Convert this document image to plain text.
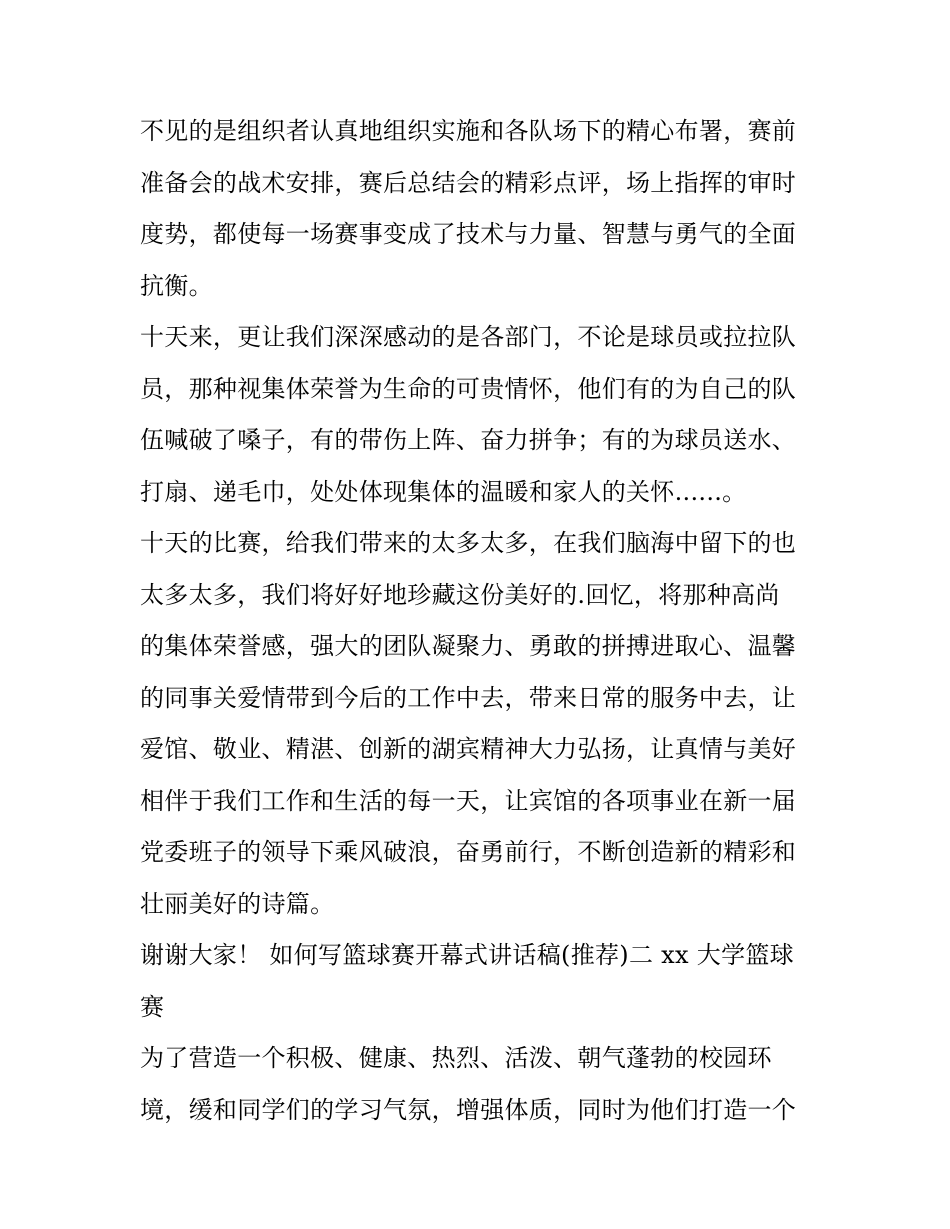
不见的是组织者认真地组织实施和各队场下的精心布署，赛前
准备会的战术安排，赛后总结会的精彩点评，场上指挥的审时
度势，都使每一场赛事变成了技术与力量、智慧与勇气的全面
抗衡。
十天来，更让我们深深感动的是各部门，不论是球员或拉拉队
员，那种视集体荣誉为生命的可贵情怀，他们有的为自己的队
伍喊破了嗓子，有的带伤上阵、奋力拼争；有的为球员送水、
打扇、递毛巾，处处体现集体的温暖和家人的关怀......。
十天的比赛，给我们带来的太多太多，在我们脑海中留下的也
太多太多，我们将好好地珍藏这份美好的.回忆，将那种高尚
的集体荣誉感，强大的团队凝聚力、勇敢的拼搏进取心、温馨
的同事关爱情带到今后的工作中去，带来日常的服务中去，让
爱馆、敬业、精湛、创新的湖宾精神大力弘扬，让真情与美好
相伴于我们工作和生活的每一天，让宾馆的各项事业在新一届
党委班子的领导下乘风破浪，奋勇前行，不断创造新的精彩和
壮丽美好的诗篇。
谢谢大家！ 如何写篮球赛开幕式讲话稿(推荐)二 xx 大学篮球
赛
为了营造一个积极、健康、热烈、活泼、朝气蓬勃的校园环
境，缓和同学们的学习气氛，增强体质，同时为他们打造一个
